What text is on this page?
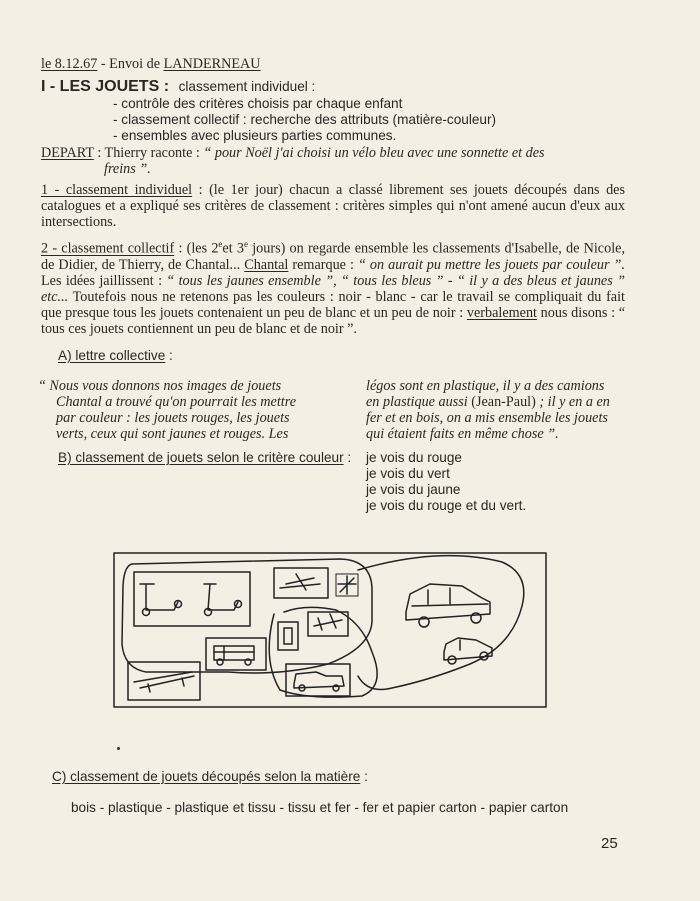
le 8.12.67 - Envoi de LANDERNEAU
I - LES JOUETS : classement individuel :
- contrôle des critères choisis par chaque enfant
- classement collectif : recherche des attributs (matière-couleur)
- ensembles avec plusieurs parties communes.
DEPART : Thierry raconte : “ pour Noël j'ai choisi un vélo bleu avec une sonnette et des
freins ”.
1 - classement individuel : (le 1er jour) chacun a classé librement ses jouets découpés dans des catalogues et a expliqué ses critères de classement : critères simples qui n'ont amené aucun d'eux aux intersections.
2 - classement collectif : (les 2eet 3e jours) on regarde ensemble les classements d'Isabelle, de Nicole, de Didier, de Thierry, de Chantal... Chantal remarque : “ on aurait pu mettre les jouets par couleur ”. Les idées jaillissent : “ tous les jaunes ensemble ”, “ tous les bleus ” - “ il y a des bleus et jaunes ” etc... Toutefois nous ne retenons pas les couleurs : noir - blanc - car le travail se compliquait du fait que presque tous les jouets contenaient un peu de blanc et un peu de noir : verbalement nous disons : “ tous ces jouets contiennent un peu de blanc et de noir ”.
A) lettre collective :
“ Nous vous donnons nos images de jouets
Chantal a trouvé qu'on pourrait les mettre
par couleur : les jouets rouges, les jouets
verts, ceux qui sont jaunes et rouges. Les
légos sont en plastique, il y a des camions
en plastique aussi (Jean-Paul) ; il y en a en
fer et en bois, on a mis ensemble les jouets
qui étaient faits en même chose ”.
B) classement de jouets selon le critère couleur : je vois du rouge
je vois du vert
je vois du jaune
je vois du rouge et du vert.
C) classement de jouets découpés selon la matière :
bois - plastique - plastique et tissu - tissu et fer - fer et papier carton - papier carton
25
